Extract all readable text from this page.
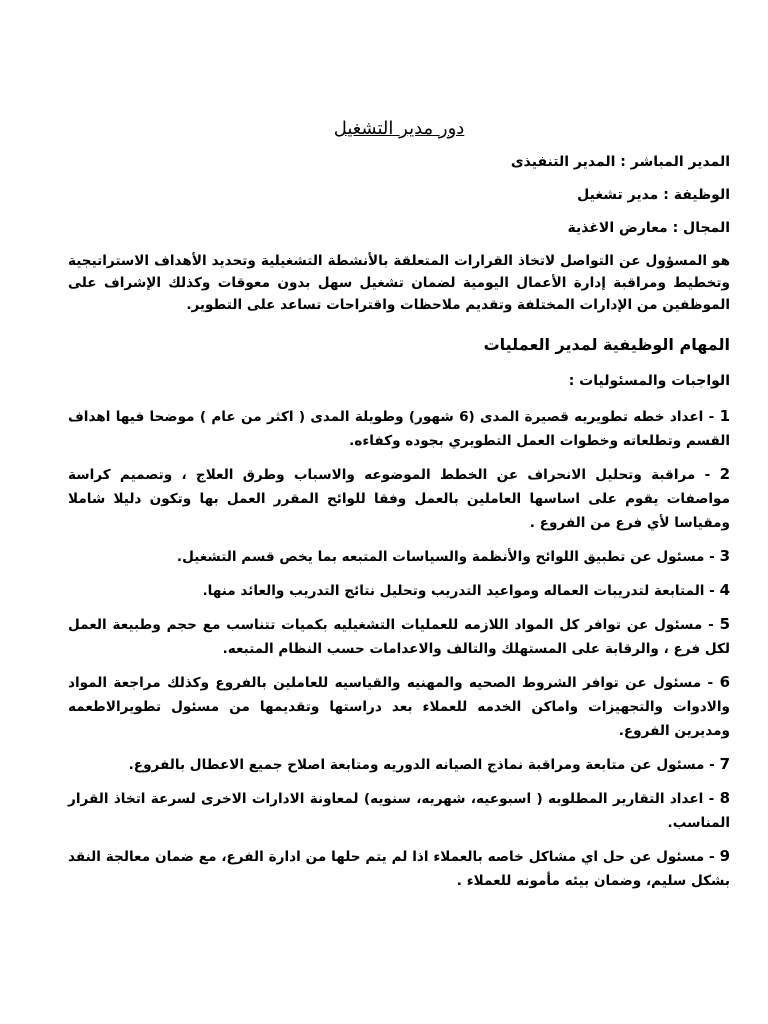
دور مدير التشغيل

المدير المباشر : المدير التنفيذى

الوظيفة : مدير تشغيل

المجال : معارض الاغذية

هو المسؤول عن التواصل لاتخاذ القرارات المتعلقة بالأنشطة التشغيلية وتحديد الأهداف الاستراتيجية وتخطيط ومراقبة إدارة الأعمال اليومية لضمان تشغيل سهل بدون معوقات وكذلك الإشراف على الموظفين من الإدارات المختلفة وتقديم ملاحظات واقتراحات تساعد على التطوير.

المهام الوظيفية لمدير العمليات

الواجبات والمسئوليات :

1 - اعداد خطه تطويريه قصيرة المدى (6 شهور) وطويلة المدى ( اكثر من عام ) موضحا فيها اهداف القسم وتطلعاته وخطوات العمل التطويري بجوده وكفاءه.

2 - مراقبة وتحليل الانحراف عن الخطط الموضوعه والاسباب وطرق العلاج ، وتصميم كراسة مواصفات يقوم على اساسها العاملين بالعمل وفقا للوائح المقرر العمل بها وتكون دليلا شاملا ومقياسا لأي فرع من الفروع .

3 - مسئول عن تطبيق اللوائح والأنظمة والسياسات المتبعه بما يخص قسم التشغيل.

4 - المتابعة لتدريبات العماله ومواعيد التدريب وتحليل نتائج التدريب والعائد منها.

5 - مسئول عن توافر كل المواد اللازمه للعمليات التشغيليه بكميات تتناسب مع حجم وطبيعة العمل لكل فرع ، والرقابة على المستهلك والتالف والاعدامات حسب النظام المتبعه.

6 - مسئول عن توافر الشروط الصحيه والمهنيه والقياسيه للعاملين بالفروع وكذلك مراجعة المواد والادوات والتجهيزات واماكن الخدمه للعملاء بعد دراستها وتقديمها من مسئول تطويرالاطعمه ومديرين الفروع.

7 - مسئول عن متابعة ومراقبة نماذج الصيانه الدوريه ومتابعة اصلاح جميع الاعطال بالفروع.

8 - اعداد التقارير المطلوبه ( اسبوعيه، شهريه، سنويه) لمعاونة الادارات الاخرى لسرعة اتخاذ القرار المناسب.

9 - مسئول عن حل اي مشاكل خاصه بالعملاء اذا لم يتم حلها من ادارة الفرع، مع ضمان معالجة النقد بشكل سليم، وضمان بيئه مأمونه للعملاء .
